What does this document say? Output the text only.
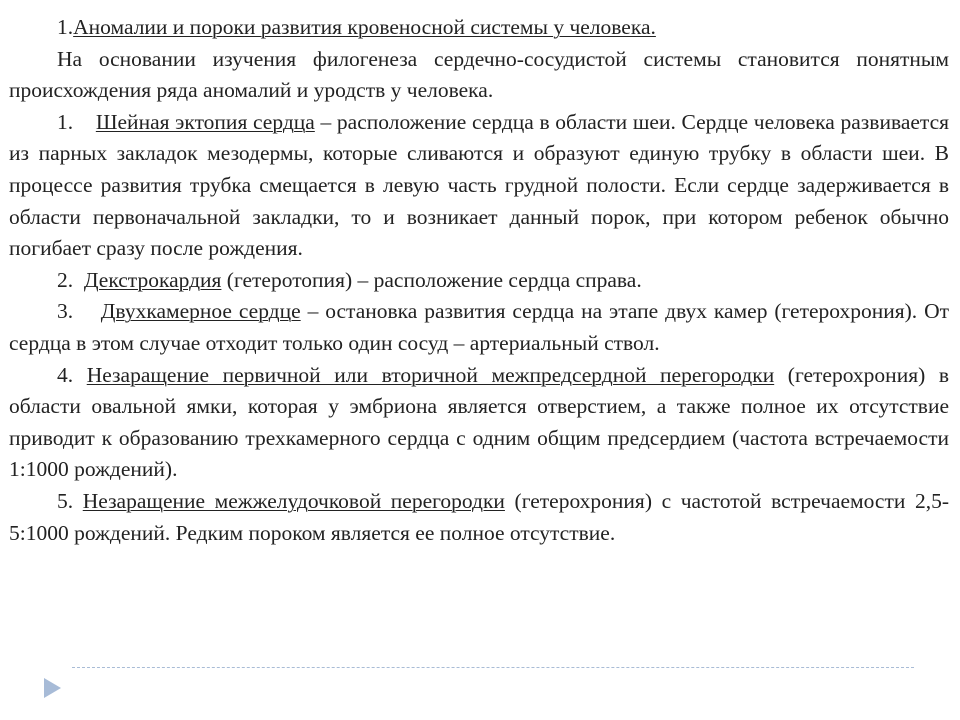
1.Аномалии и пороки развития кровеносной системы у человека.

На основании изучения филогенеза сердечно-сосудистой системы становится понятным происхождения ряда аномалий и уродств у человека.

1. Шейная эктопия сердца – расположение сердца в области шеи. Сердце человека развивается из парных закладок мезодермы, которые сливаются и образуют единую трубку в области шеи. В процессе развития трубка смещается в левую часть грудной полости. Если сердце задерживается в области первоначальной закладки, то и возникает данный порок, при котором ребенок обычно погибает сразу после рождения.

2. Декстрокардия (гетеротопия) – расположение сердца справа.

3. Двухкамерное сердце – остановка развития сердца на этапе двух камер (гетерохрония). От сердца в этом случае отходит только один сосуд – артериальный ствол.

4. Незаращение первичной или вторичной межпредсердной перегородки (гетерохрония) в области овальной ямки, которая у эмбриона является отверстием, а также полное их отсутствие приводит к образованию трехкамерного сердца с одним общим предсердием (частота встречаемости 1:1000 рождений).

5. Незаращение межжелудочковой перегородки (гетерохрония) с частотой встречаемости 2,5-5:1000 рождений. Редким пороком является ее полное отсутствие.
